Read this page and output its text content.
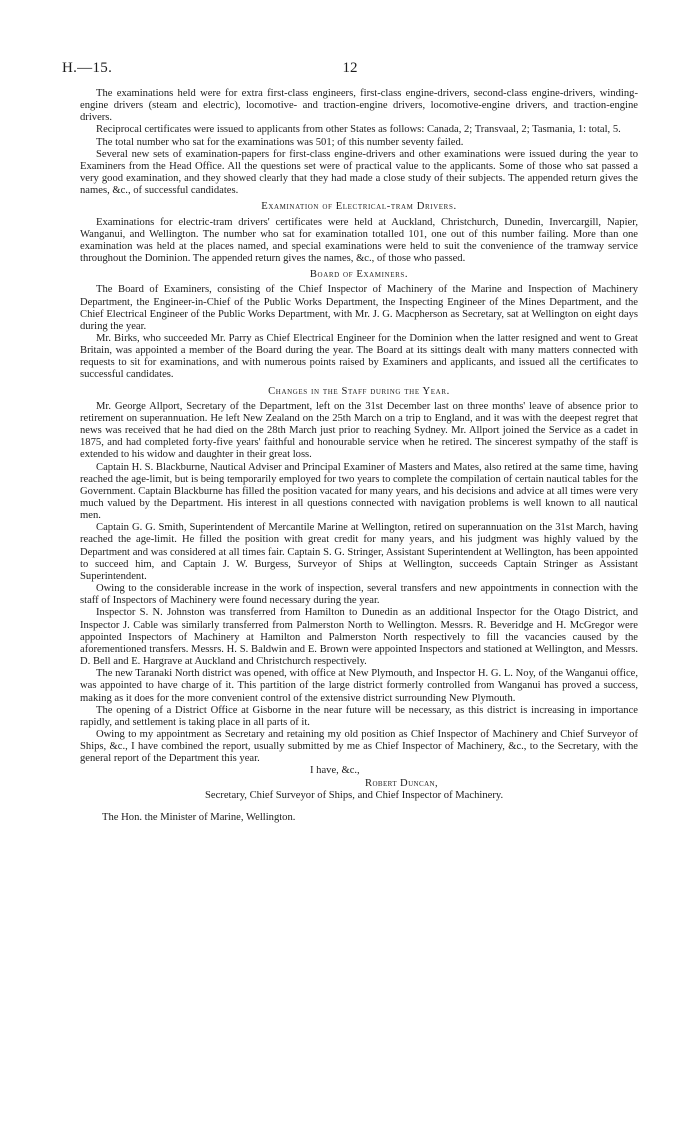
H.—15.	12

The examinations held were for extra first-class engineers, first-class engine-drivers, second-class engine-drivers, winding-engine drivers (steam and electric), locomotive- and traction-engine drivers, locomotive-engine drivers, and traction-engine drivers.

Reciprocal certificates were issued to applicants from other States as follows: Canada, 2; Transvaal, 2; Tasmania, 1: total, 5.

The total number who sat for the examinations was 501; of this number seventy failed.

Several new sets of examination-papers for first-class engine-drivers and other examinations were issued during the year to Examiners from the Head Office. All the questions set were of practical value to the applicants. Some of those who sat passed a very good examination, and they showed clearly that they had made a close study of their subjects. The appended return gives the names, &c., of successful candidates.

Examination of Electrical-tram Drivers.

Examinations for electric-tram drivers' certificates were held at Auckland, Christchurch, Dunedin, Invercargill, Napier, Wanganui, and Wellington. The number who sat for examination totalled 101, one out of this number failing. More than one examination was held at the places named, and special examinations were held to suit the convenience of the tramway service throughout the Dominion. The appended return gives the names, &c., of those who passed.

Board of Examiners.

The Board of Examiners, consisting of the Chief Inspector of Machinery of the Marine and Inspection of Machinery Department, the Engineer-in-Chief of the Public Works Department, the Inspecting Engineer of the Mines Department, and the Chief Electrical Engineer of the Public Works Department, with Mr. J. G. Macpherson as Secretary, sat at Wellington on eight days during the year.

Mr. Birks, who succeeded Mr. Parry as Chief Electrical Engineer for the Dominion when the latter resigned and went to Great Britain, was appointed a member of the Board during the year. The Board at its sittings dealt with many matters connected with requests to sit for examinations, and with numerous points raised by Examiners and applicants, and issued all the certificates to successful candidates.

Changes in the Staff during the Year.

Mr. George Allport, Secretary of the Department, left on the 31st December last on three months' leave of absence prior to retirement on superannuation. He left New Zealand on the 25th March on a trip to England, and it was with the deepest regret that news was received that he had died on the 28th March just prior to reaching Sydney. Mr. Allport joined the Service as a cadet in 1875, and had completed forty-five years' faithful and honourable service when he retired. The sincerest sympathy of the staff is extended to his widow and daughter in their great loss.

Captain H. S. Blackburne, Nautical Adviser and Principal Examiner of Masters and Mates, also retired at the same time, having reached the age-limit, but is being temporarily employed for two years to complete the compilation of certain nautical tables for the Government. Captain Blackburne has filled the position vacated for many years, and his decisions and advice at all times were very much valued by the Department. His interest in all questions connected with navigation problems is well known to all nautical men.

Captain G. G. Smith, Superintendent of Mercantile Marine at Wellington, retired on superannuation on the 31st March, having reached the age-limit. He filled the position with great credit for many years, and his judgment was highly valued by the Department and was considered at all times fair. Captain S. G. Stringer, Assistant Superintendent at Wellington, has been appointed to succeed him, and Captain J. W. Burgess, Surveyor of Ships at Wellington, succeeds Captain Stringer as Assistant Superintendent.

Owing to the considerable increase in the work of inspection, several transfers and new appointments in connection with the staff of Inspectors of Machinery were found necessary during the year.

Inspector S. N. Johnston was transferred from Hamilton to Dunedin as an additional Inspector for the Otago District, and Inspector J. Cable was similarly transferred from Palmerston North to Wellington. Messrs. R. Beveridge and H. McGregor were appointed Inspectors of Machinery at Hamilton and Palmerston North respectively to fill the vacancies caused by the aforementioned transfers. Messrs. H. S. Baldwin and E. Brown were appointed Inspectors and stationed at Wellington, and Messrs. D. Bell and E. Hargrave at Auckland and Christchurch respectively.

The new Taranaki North district was opened, with office at New Plymouth, and Inspector H. G. L. Noy, of the Wanganui office, was appointed to have charge of it. This partition of the large district formerly controlled from Wanganui has proved a success, making as it does for the more convenient control of the extensive district surrounding New Plymouth.

The opening of a District Office at Gisborne in the near future will be necessary, as this district is increasing in importance rapidly, and settlement is taking place in all parts of it.

Owing to my appointment as Secretary and retaining my old position as Chief Inspector of Machinery and Chief Surveyor of Ships, &c., I have combined the report, usually submitted by me as Chief Inspector of Machinery, &c., to the Secretary, with the general report of the Department this year.

I have, &c.,
Robert Duncan,
Secretary, Chief Surveyor of Ships, and Chief Inspector of Machinery.

The Hon. the Minister of Marine, Wellington.
